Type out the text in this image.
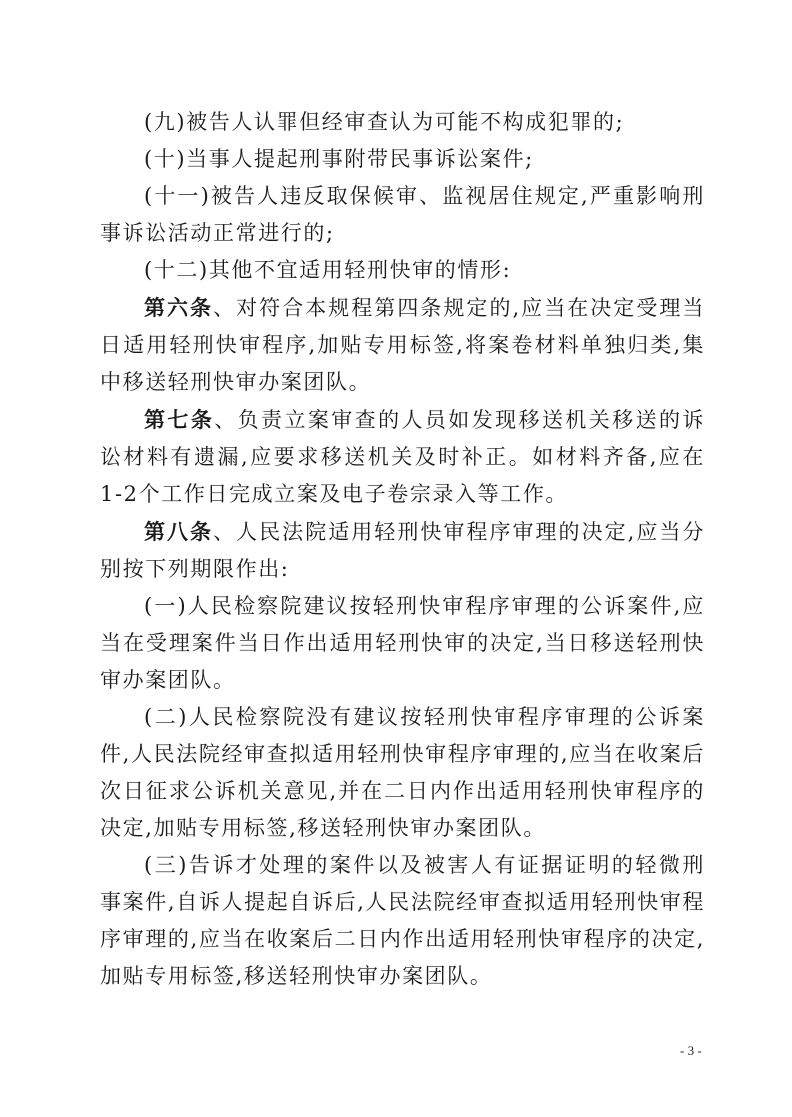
(九)被告人认罪但经审查认为可能不构成犯罪的;

(十)当事人提起刑事附带民事诉讼案件;

(十一)被告人违反取保候审、监视居住规定,严重影响刑事诉讼活动正常进行的;

(十二)其他不宜适用轻刑快审的情形:

第六条、对符合本规程第四条规定的,应当在决定受理当日适用轻刑快审程序,加贴专用标签,将案卷材料单独归类,集中移送轻刑快审办案团队。

第七条、负责立案审查的人员如发现移送机关移送的诉讼材料有遗漏,应要求移送机关及时补正。如材料齐备,应在1-2个工作日完成立案及电子卷宗录入等工作。

第八条、人民法院适用轻刑快审程序审理的决定,应当分别按下列期限作出:

(一)人民检察院建议按轻刑快审程序审理的公诉案件,应当在受理案件当日作出适用轻刑快审的决定,当日移送轻刑快审办案团队。

(二)人民检察院没有建议按轻刑快审程序审理的公诉案件,人民法院经审查拟适用轻刑快审程序审理的,应当在收案后次日征求公诉机关意见,并在二日内作出适用轻刑快审程序的决定,加贴专用标签,移送轻刑快审办案团队。

(三)告诉才处理的案件以及被害人有证据证明的轻微刑事案件,自诉人提起自诉后,人民法院经审查拟适用轻刑快审程序审理的,应当在收案后二日内作出适用轻刑快审程序的决定,加贴专用标签,移送轻刑快审办案团队。

- 3 -
